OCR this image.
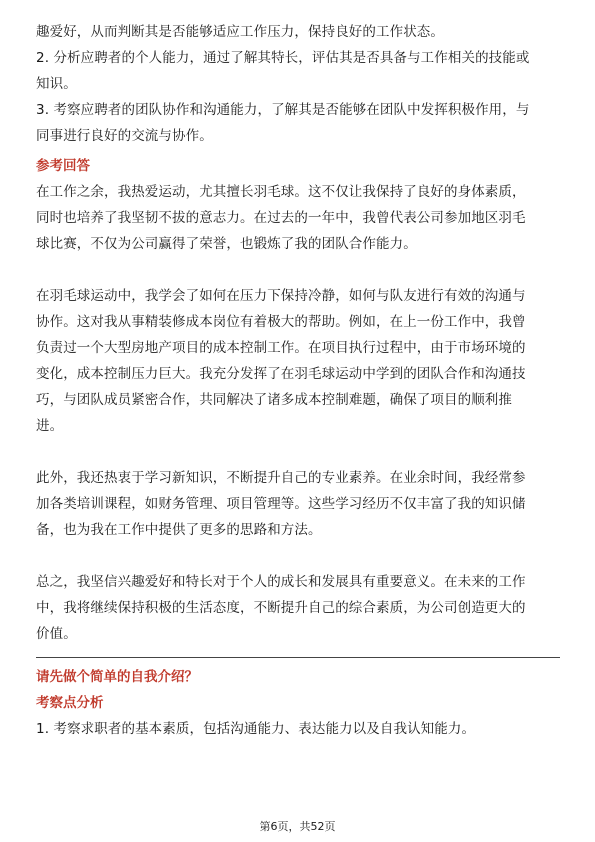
趣爱好，从而判断其是否能够适应工作压力，保持良好的工作状态。
2. 分析应聘者的个人能力，通过了解其特长，评估其是否具备与工作相关的技能或
知识。
3. 考察应聘者的团队协作和沟通能力，了解其是否能够在团队中发挥积极作用，与
同事进行良好的交流与协作。
参考回答
在工作之余，我热爱运动，尤其擅长羽毛球。这不仅让我保持了良好的身体素质，
同时也培养了我坚韧不拔的意志力。在过去的一年中，我曾代表公司参加地区羽毛
球比赛，不仅为公司赢得了荣誉，也锻炼了我的团队合作能力。
在羽毛球运动中，我学会了如何在压力下保持冷静，如何与队友进行有效的沟通与
协作。这对我从事精装修成本岗位有着极大的帮助。例如，在上一份工作中，我曾
负责过一个大型房地产项目的成本控制工作。在项目执行过程中，由于市场环境的
变化，成本控制压力巨大。我充分发挥了在羽毛球运动中学到的团队合作和沟通技
巧，与团队成员紧密合作，共同解决了诸多成本控制难题，确保了项目的顺利推
进。
此外，我还热衷于学习新知识，不断提升自己的专业素养。在业余时间，我经常参
加各类培训课程，如财务管理、项目管理等。这些学习经历不仅丰富了我的知识储
备，也为我在工作中提供了更多的思路和方法。
总之，我坚信兴趣爱好和特长对于个人的成长和发展具有重要意义。在未来的工作
中，我将继续保持积极的生活态度，不断提升自己的综合素质，为公司创造更大的
价值。
请先做个简单的自我介绍？
考察点分析
1. 考察求职者的基本素质，包括沟通能力、表达能力以及自我认知能力。
第6页，共52页
